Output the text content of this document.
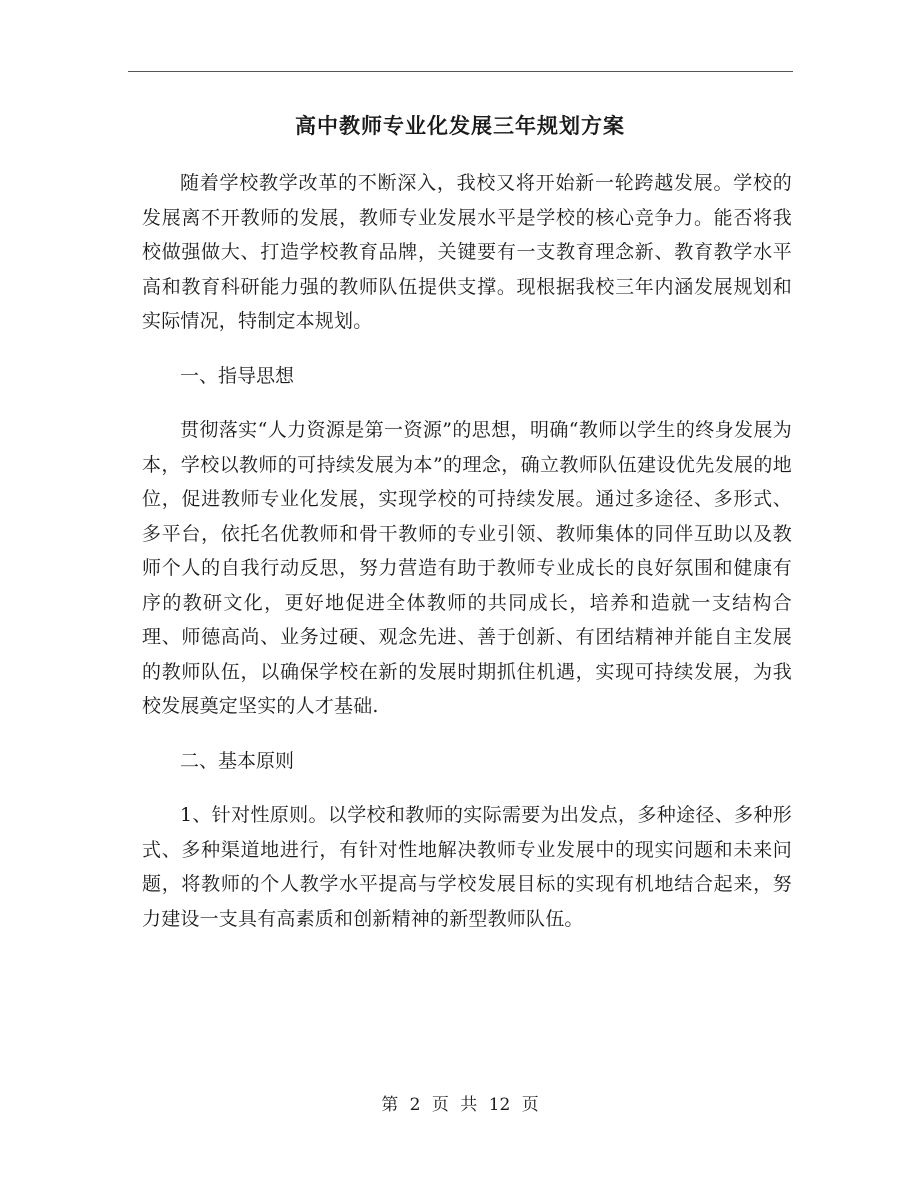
高中教师专业化发展三年规划方案

随着学校教学改革的不断深入，我校又将开始新一轮跨越发展。学校的发展离不开教师的发展，教师专业发展水平是学校的核心竞争力。能否将我校做强做大、打造学校教育品牌，关键要有一支教育理念新、教育教学水平高和教育科研能力强的教师队伍提供支撑。现根据我校三年内涵发展规划和实际情况，特制定本规划。

一、指导思想

贯彻落实“人力资源是第一资源”的思想，明确“教师以学生的终身发展为本，学校以教师的可持续发展为本”的理念，确立教师队伍建设优先发展的地位，促进教师专业化发展，实现学校的可持续发展。通过多途径、多形式、多平台，依托名优教师和骨干教师的专业引领、教师集体的同伴互助以及教师个人的自我行动反思，努力营造有助于教师专业成长的良好氛围和健康有序的教研文化，更好地促进全体教师的共同成长，培养和造就一支结构合理、师德高尚、业务过硬、观念先进、善于创新、有团结精神并能自主发展的教师队伍，以确保学校在新的发展时期抓住机遇，实现可持续发展，为我校发展奠定坚实的人才基础.

二、基本原则

1、针对性原则。以学校和教师的实际需要为出发点，多种途径、多种形式、多种渠道地进行，有针对性地解决教师专业发展中的现实问题和未来问题，将教师的个人教学水平提高与学校发展目标的实现有机地结合起来，努力建设一支具有高素质和创新精神的新型教师队伍。

第 2 页 共 12 页
